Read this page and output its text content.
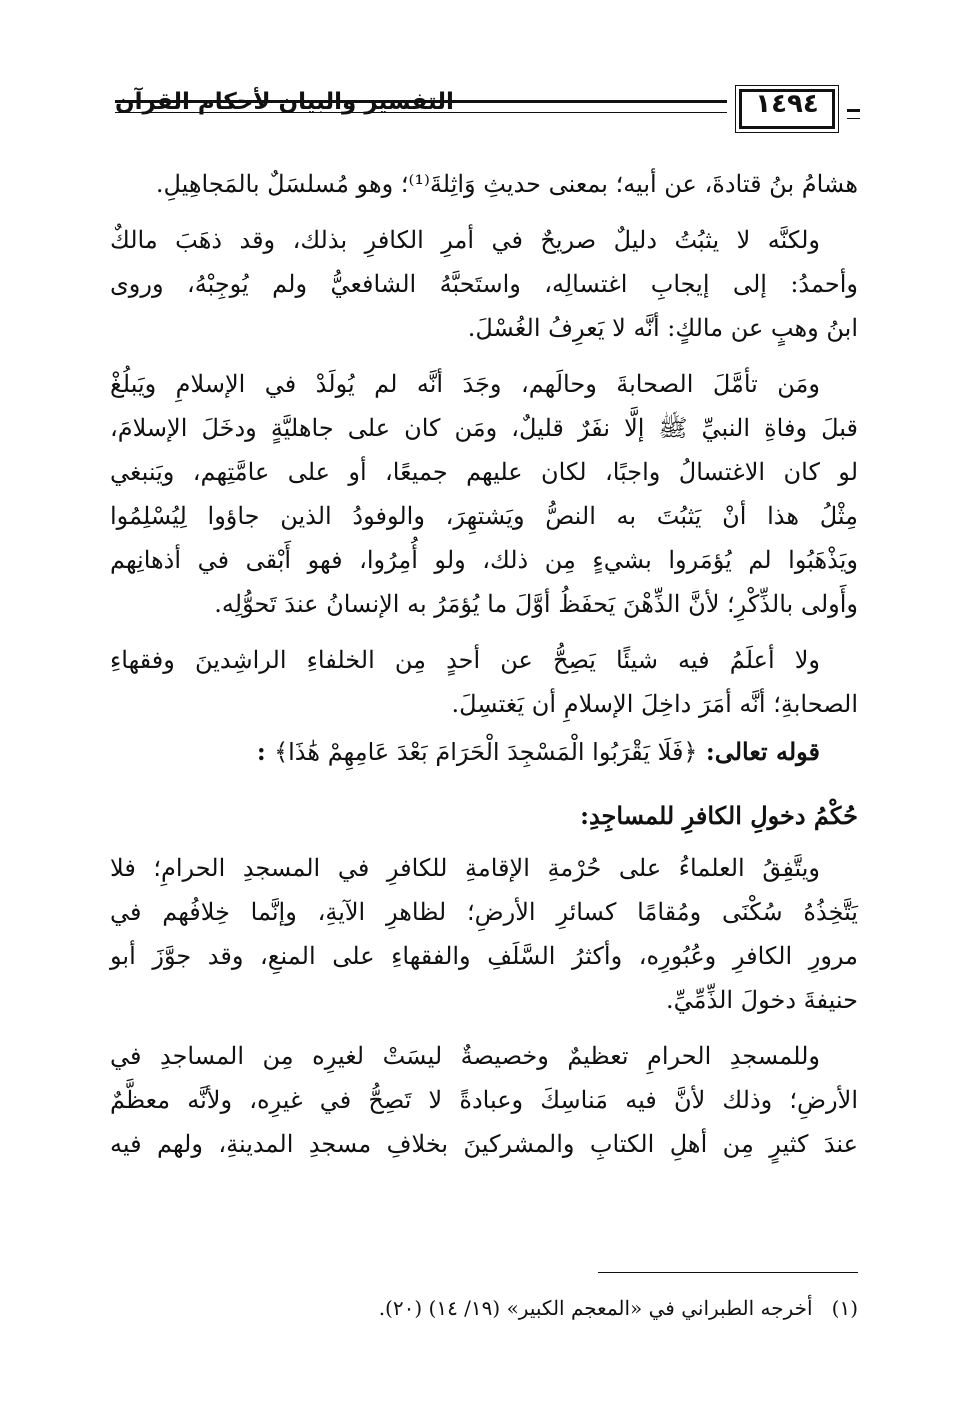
التفسير والبيان لأحكام القرآن	١٤٩٤
هشامُ بنُ قتادةَ، عن أبيه؛ بمعنى حديثِ وَاثِلةَ⁽¹⁾؛ وهو مُسلسَلٌ بالمَجاهِيلِ.
ولكنَّه لا يثبُتُ دليلٌ صريحٌ في أمرِ الكافرِ بذلك، وقد ذهَبَ مالكٌ
وأحمدُ: إلى إيجابِ اغتسالِه، واستَحبَّهُ الشافعيُّ ولم يُوجِبْهُ، وروى
ابنُ وهبٍ عن مالكٍ: أنَّه لا يَعرِفُ الغُسْلَ.
ومَن تأمَّلَ الصحابةَ وحالَهم، وجَدَ أنَّه لم يُولَدْ في الإسلامِ ويَبلُغْ
قبلَ وفاةِ النبيِّ ﷺ إلَّا نفَرٌ قليلٌ، ومَن كان على جاهليَّةٍ ودخَلَ الإسلامَ،
لو كان الاغتسالُ واجبًا، لكان عليهم جميعًا، أو على عامَّتِهم، ويَنبغي
مِثْلُ هذا أنْ يَثبُتَ به النصُّ ويَشتهِرَ، والوفودُ الذين جاؤوا لِيُسْلِمُوا
ويَذْهَبُوا لم يُؤمَروا بشيءٍ مِن ذلك، ولو أُمِرُوا، فهو أَبْقى في أذهانِهم
وأَولى بالذِّكْرِ؛ لأنَّ الذِّهْنَ يَحفَظُ أوَّلَ ما يُؤمَرُ به الإنسانُ عندَ تَحوُّلِه.
ولا أعلَمُ فيه شيئًا يَصِحُّ عن أحدٍ مِن الخلفاءِ الراشِدينَ وفقهاءِ
الصحابةِ؛ أنَّه أمَرَ داخِلَ الإسلامِ أن يَغتسِلَ.
قوله تعالى: ﴿فَلَا يَقْرَبُوا الْمَسْجِدَ الْحَرَامَ بَعْدَ عَامِهِمْ هَٰذَا﴾ :
حُكْمُ دخولِ الكافرِ للمساجِدِ:
ويتَّفِقُ العلماءُ على حُرْمةِ الإقامةِ للكافرِ في المسجدِ الحرامِ؛ فلا
يَتَّخِذُهُ سُكْنَى ومُقامًا كسائرِ الأرضِ؛ لظاهرِ الآيةِ، وإنَّما خِلافُهم في
مرورِ الكافرِ وعُبُورِه، وأكثرُ السَّلَفِ والفقهاءِ على المنعِ، وقد جوَّزَ أبو
حنيفةَ دخولَ الذِّمِّيِّ.
وللمسجدِ الحرامِ تعظيمٌ وخصيصةٌ ليسَتْ لغيرِه مِن المساجدِ في
الأرضِ؛ وذلك لأنَّ فيه مَناسِكَ وعبادةً لا تَصِحُّ في غيرِه، ولأنَّه معظَّمٌ
عندَ كثيرٍ مِن أهلِ الكتابِ والمشركينَ بخلافِ مسجدِ المدينةِ، ولهم فيه
(١)   أخرجه الطبراني في «المعجم الكبير» (١٩/ ١٤) (٢٠).
